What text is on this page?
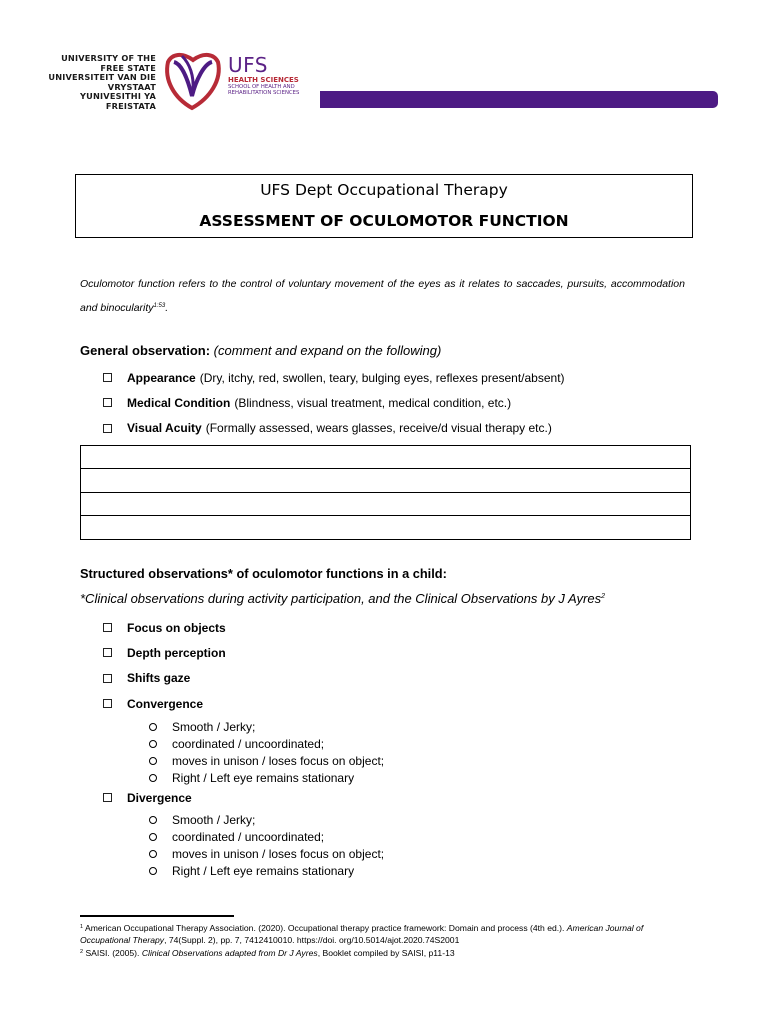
UNIVERSITY OF THE
FREE STATE
UNIVERSITEIT VAN DIE
VRYSTAAT
YUNIVESITHI YA
FREISTATA
UFS
HEALTH SCIENCES
SCHOOL OF HEALTH AND
REHABILITATION SCIENCES
UFS Dept Occupational Therapy
ASSESSMENT OF OCULOMOTOR FUNCTION

Oculomotor function refers to the control of voluntary movement of the eyes as it relates to saccades, pursuits, accommodation and binocularity$^{1:53}$.

General observation: (comment and expand on the following)
Appearance (Dry, itchy, red, swollen, teary, bulging eyes, reflexes present/absent)
Medical Condition (Blindness, visual treatment, medical condition, etc.)
Visual Acuity (Formally assessed, wears glasses, receive/d visual therapy etc.)
Structured observations* of oculomotor functions in a child:
*Clinical observations during activity participation, and the Clinical Observations by J Ayres$^2$
Focus on objects
Depth perception
Shifts gaze
Convergence
Smooth / Jerky;
coordinated / uncoordinated;
moves in unison / loses focus on object;
Right / Left eye remains stationary
Divergence
Smooth / Jerky;
coordinated / uncoordinated;
moves in unison / loses focus on object;
Right / Left eye remains stationary
$^1$ American Occupational Therapy Association. (2020). Occupational therapy practice framework: Domain and process (4th ed.). American Journal of Occupational Therapy, 74(Suppl. 2), pp. 7, 7412410010. https://doi. org/10.5014/ajot.2020.74S2001
$^2$ SAISI. (2005). Clinical Observations adapted from Dr J Ayres, Booklet compiled by SAISI, p11-13
